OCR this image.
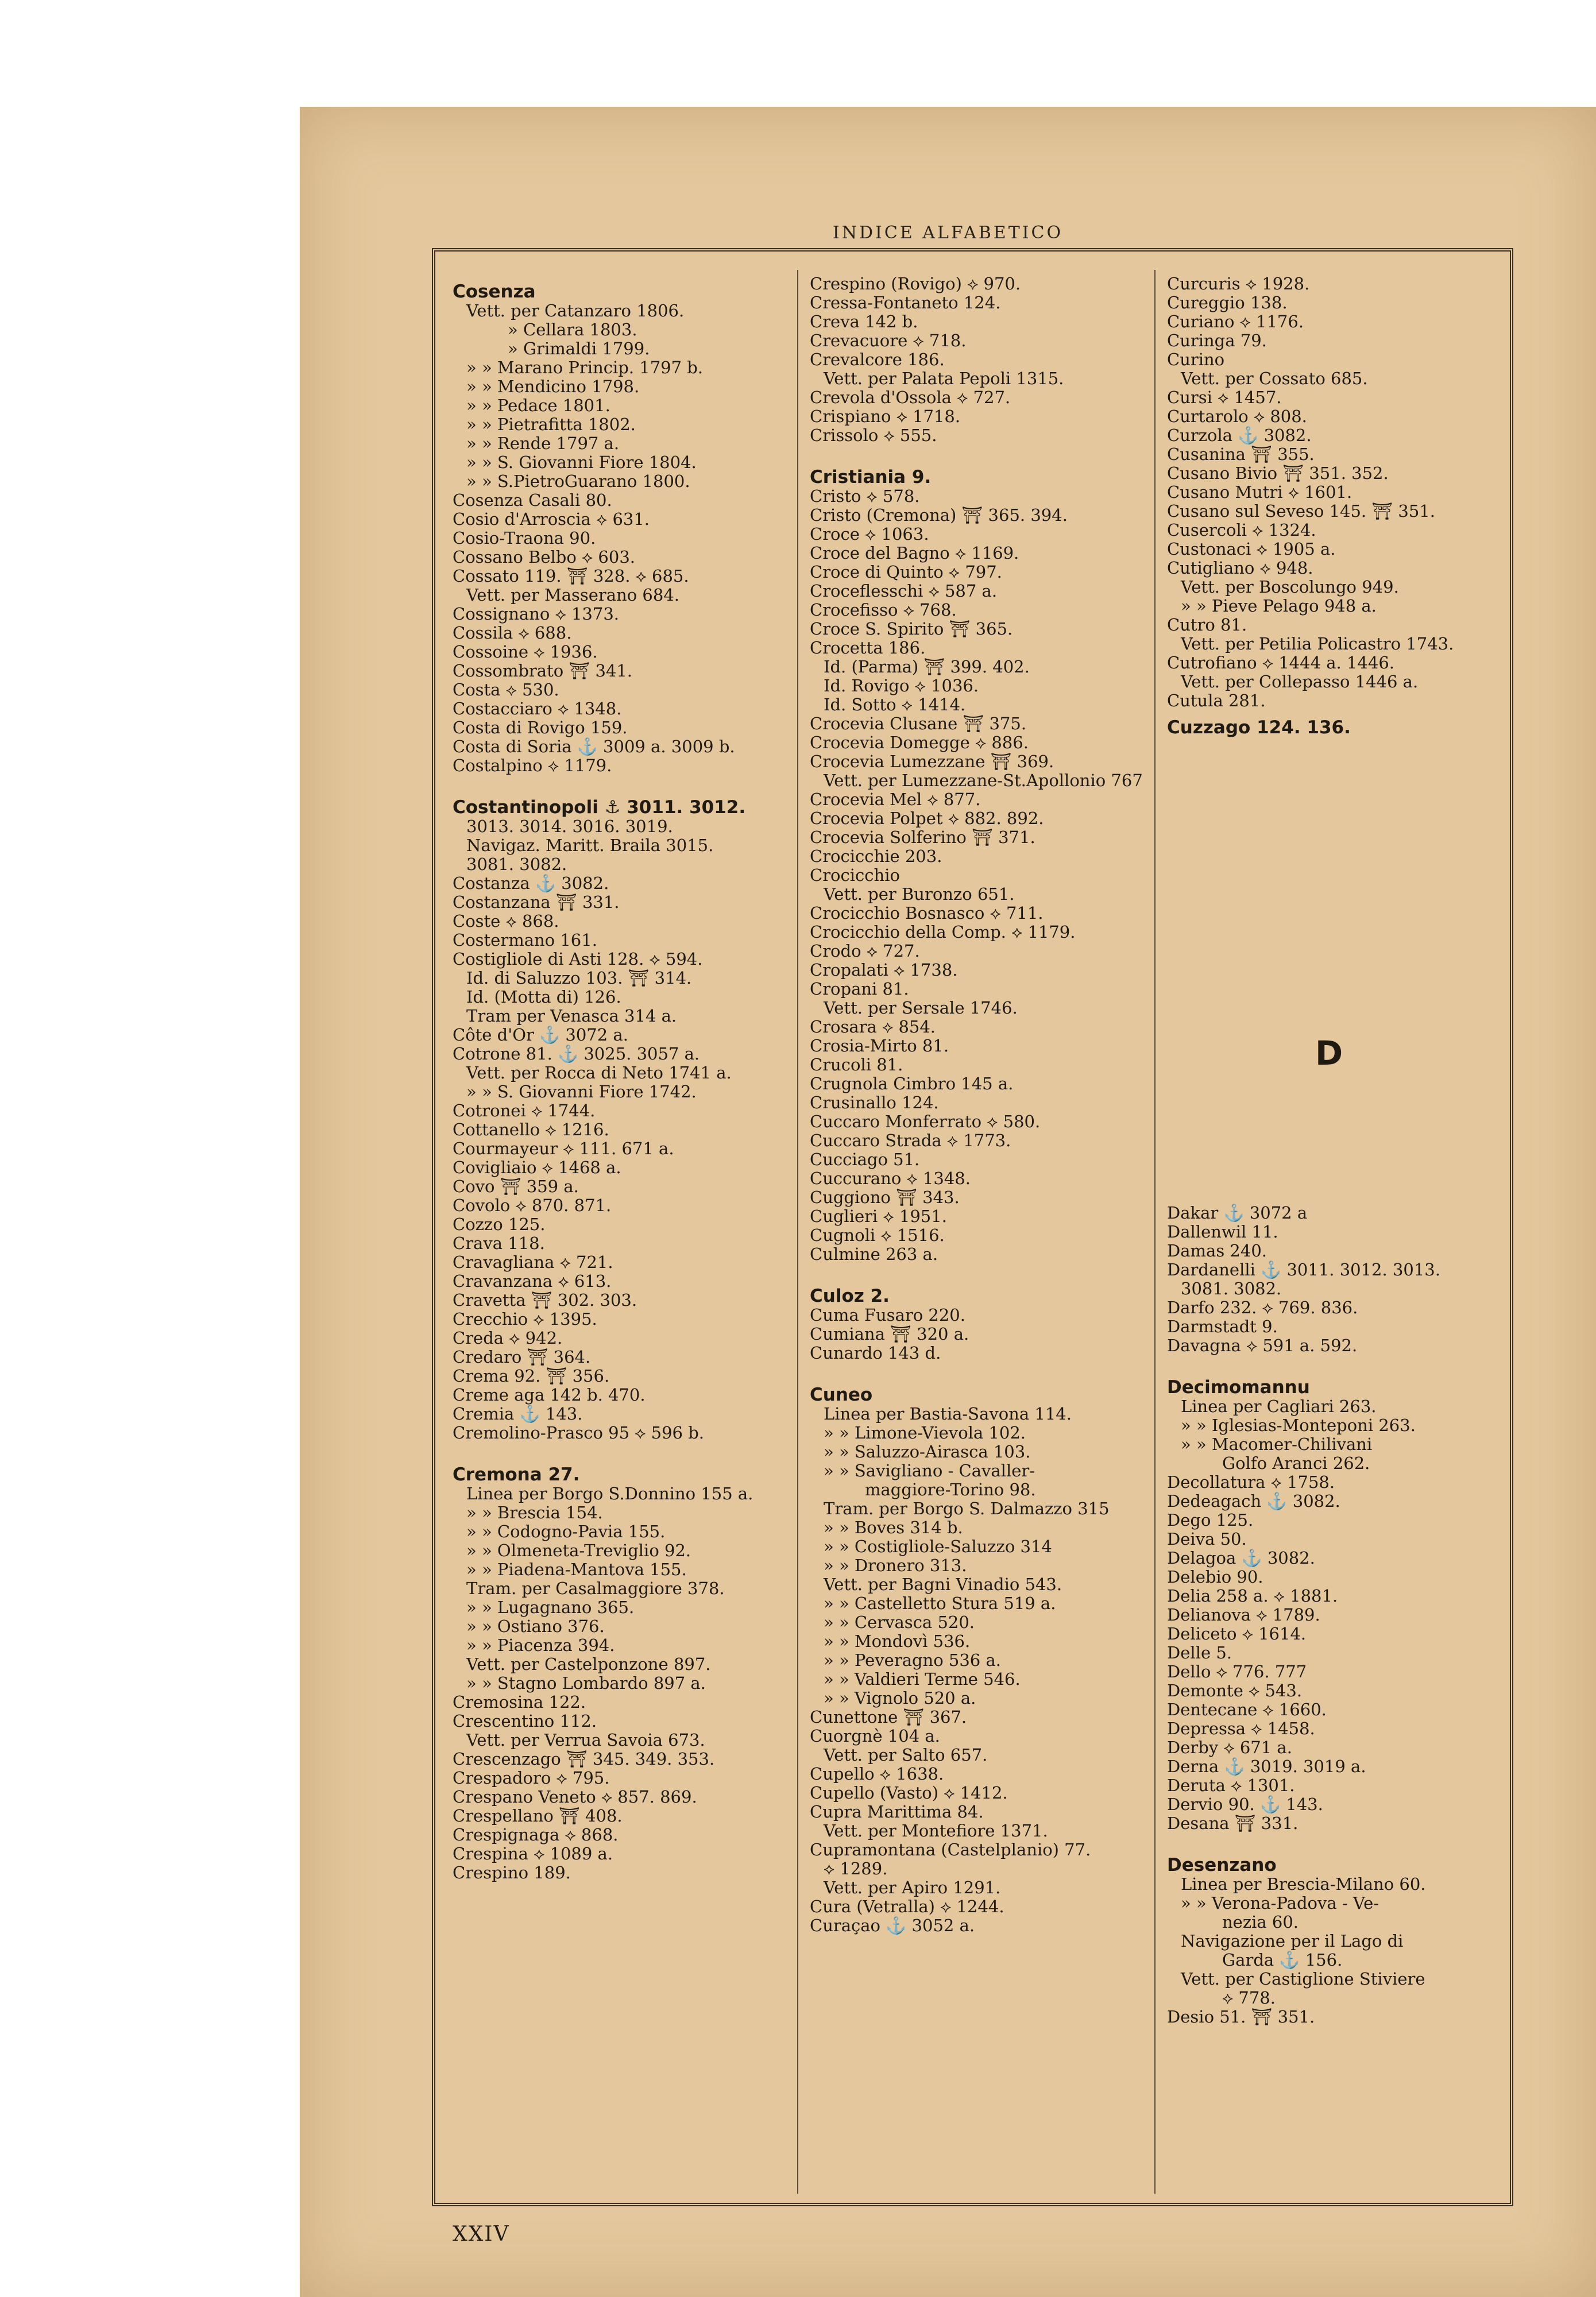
INDICE ALFABETICO
Cosenza
Vett. per Catanzaro 1806.
» Cellara 1803.
» Grimaldi 1799.
» » Marano Princip. 1797 b.
» » Mendicino 1798.
» » Pedace 1801.
» » Pietrafitta 1802.
» » Rende 1797 a.
» » S. Giovanni Fiore 1804.
» » S.PietroGuarano 1800.
Cosenza Casali 80.
Cosio d'Arroscia ⟡ 631.
Cosio-Traona 90.
Cossano Belbo ⟡ 603.
Cossato 119. ⛩ 328. ⟡ 685.
Vett. per Masserano 684.
Cossignano ⟡ 1373.
Cossila ⟡ 688.
Cossoine ⟡ 1936.
Cossombrato ⛩ 341.
Costa ⟡ 530.
Costacciaro ⟡ 1348.
Costa di Rovigo 159.
Costa di Soria ⚓ 3009 a. 3009 b.
Costalpino ⟡ 1179.
Costantinopoli ⚓ 3011. 3012.
3013. 3014. 3016. 3019.
Navigaz. Maritt. Braila 3015.
3081. 3082.
Costanza ⚓ 3082.
Costanzana ⛩ 331.
Coste ⟡ 868.
Costermano 161.
Costigliole di Asti 128. ⟡ 594.
Id. di Saluzzo 103. ⛩ 314.
Id. (Motta di) 126.
Tram per Venasca 314 a.
Côte d'Or ⚓ 3072 a.
Cotrone 81. ⚓ 3025. 3057 a.
Vett. per Rocca di Neto 1741 a.
» » S. Giovanni Fiore 1742.
Cotronei ⟡ 1744.
Cottanello ⟡ 1216.
Courmayeur ⟡ 111. 671 a.
Covigliaio ⟡ 1468 a.
Covo ⛩ 359 a.
Covolo ⟡ 870. 871.
Cozzo 125.
Crava 118.
Cravagliana ⟡ 721.
Cravanzana ⟡ 613.
Cravetta ⛩ 302. 303.
Crecchio ⟡ 1395.
Creda ⟡ 942.
Credaro ⛩ 364.
Crema 92. ⛩ 356.
Creme aga 142 b. 470.
Cremia ⚓ 143.
Cremolino-Prasco 95 ⟡ 596 b.
Cremona 27.
Linea per Borgo S.Donnino 155 a.
» » Brescia 154.
» » Codogno-Pavia 155.
» » Olmeneta-Treviglio 92.
» » Piadena-Mantova 155.
Tram. per Casalmaggiore 378.
» » Lugagnano 365.
» » Ostiano 376.
» » Piacenza 394.
Vett. per Castelponzone 897.
» » Stagno Lombardo 897 a.
Cremosina 122.
Crescentino 112.
Vett. per Verrua Savoia 673.
Crescenzago ⛩ 345. 349. 353.
Crespadoro ⟡ 795.
Crespano Veneto ⟡ 857. 869.
Crespellano ⛩ 408.
Crespignaga ⟡ 868.
Crespina ⟡ 1089 a.
Crespino 189.
Crespino (Rovigo) ⟡ 970.
Cressa-Fontaneto 124.
Creva 142 b.
Crevacuore ⟡ 718.
Crevalcore 186.
Vett. per Palata Pepoli 1315.
Crevola d'Ossola ⟡ 727.
Crispiano ⟡ 1718.
Crissolo ⟡ 555.
Cristiania 9.
Cristo ⟡ 578.
Cristo (Cremona) ⛩ 365. 394.
Croce ⟡ 1063.
Croce del Bagno ⟡ 1169.
Croce di Quinto ⟡ 797.
Croceflesschi ⟡ 587 a.
Crocefisso ⟡ 768.
Croce S. Spirito ⛩ 365.
Crocetta 186.
Id. (Parma) ⛩ 399. 402.
Id. Rovigo ⟡ 1036.
Id. Sotto ⟡ 1414.
Crocevia Clusane ⛩ 375.
Crocevia Domegge ⟡ 886.
Crocevia Lumezzane ⛩ 369.
Vett. per Lumezzane-St.Apollonio 767
Crocevia Mel ⟡ 877.
Crocevia Polpet ⟡ 882. 892.
Crocevia Solferino ⛩ 371.
Crocicchie 203.
Crocicchio
Vett. per Buronzo 651.
Crocicchio Bosnasco ⟡ 711.
Crocicchio della Comp. ⟡ 1179.
Crodo ⟡ 727.
Cropalati ⟡ 1738.
Cropani 81.
Vett. per Sersale 1746.
Crosara ⟡ 854.
Crosia-Mirto 81.
Crucoli 81.
Crugnola Cimbro 145 a.
Crusinallo 124.
Cuccaro Monferrato ⟡ 580.
Cuccaro Strada ⟡ 1773.
Cucciago 51.
Cuccurano ⟡ 1348.
Cuggiono ⛩ 343.
Cuglieri ⟡ 1951.
Cugnoli ⟡ 1516.
Culmine 263 a.
Culoz 2.
Cuma Fusaro 220.
Cumiana ⛩ 320 a.
Cunardo 143 d.
Cuneo
Linea per Bastia-Savona 114.
» » Limone-Vievola 102.
» » Saluzzo-Airasca 103.
» » Savigliano - Cavaller-
maggiore-Torino 98.
Tram. per Borgo S. Dalmazzo 315
» » Boves 314 b.
» » Costigliole-Saluzzo 314
» » Dronero 313.
Vett. per Bagni Vinadio 543.
» » Castelletto Stura 519 a.
» » Cervasca 520.
» » Mondovì 536.
» » Peveragno 536 a.
» » Valdieri Terme 546.
» » Vignolo 520 a.
Cunettone ⛩ 367.
Cuorgnè 104 a.
Vett. per Salto 657.
Cupello ⟡ 1638.
Cupello (Vasto) ⟡ 1412.
Cupra Marittima 84.
Vett. per Montefiore 1371.
Cupramontana (Castelplanio) 77.
⟡ 1289.
Vett. per Apiro 1291.
Cura (Vetralla) ⟡ 1244.
Curaçao ⚓ 3052 a.
Curcuris ⟡ 1928.
Cureggio 138.
Curiano ⟡ 1176.
Curinga 79.
Curino
Vett. per Cossato 685.
Cursi ⟡ 1457.
Curtarolo ⟡ 808.
Curzola ⚓ 3082.
Cusanina ⛩ 355.
Cusano Bivio ⛩ 351. 352.
Cusano Mutri ⟡ 1601.
Cusano sul Seveso 145. ⛩ 351.
Cusercoli ⟡ 1324.
Custonaci ⟡ 1905 a.
Cutigliano ⟡ 948.
Vett. per Boscolungo 949.
» » Pieve Pelago 948 a.
Cutro 81.
Vett. per Petilia Policastro 1743.
Cutrofiano ⟡ 1444 a. 1446.
Vett. per Collepasso 1446 a.
Cutula 281.
Cuzzago 124. 136.
Dakar ⚓ 3072 a
Dallenwil 11.
Damas 240.
Dardanelli ⚓ 3011. 3012. 3013.
3081. 3082.
Darfo 232. ⟡ 769. 836.
Darmstadt 9.
Davagna ⟡ 591 a. 592.
Decimomannu
Linea per Cagliari 263.
» » Iglesias-Monteponi 263.
» » Macomer-Chilivani
Golfo Aranci 262.
Decollatura ⟡ 1758.
Dedeagach ⚓ 3082.
Dego 125.
Deiva 50.
Delagoa ⚓ 3082.
Delebio 90.
Delia 258 a. ⟡ 1881.
Delianova ⟡ 1789.
Deliceto ⟡ 1614.
Delle 5.
Dello ⟡ 776. 777
Demonte ⟡ 543.
Dentecane ⟡ 1660.
Depressa ⟡ 1458.
Derby ⟡ 671 a.
Derna ⚓ 3019. 3019 a.
Deruta ⟡ 1301.
Dervio 90. ⚓ 143.
Desana ⛩ 331.
Desenzano
Linea per Brescia-Milano 60.
» » Verona-Padova - Ve-
nezia 60.
Navigazione per il Lago di
Garda ⚓ 156.
Vett. per Castiglione Stiviere
⟡ 778.
Desio 51. ⛩ 351.
D
XXIV
